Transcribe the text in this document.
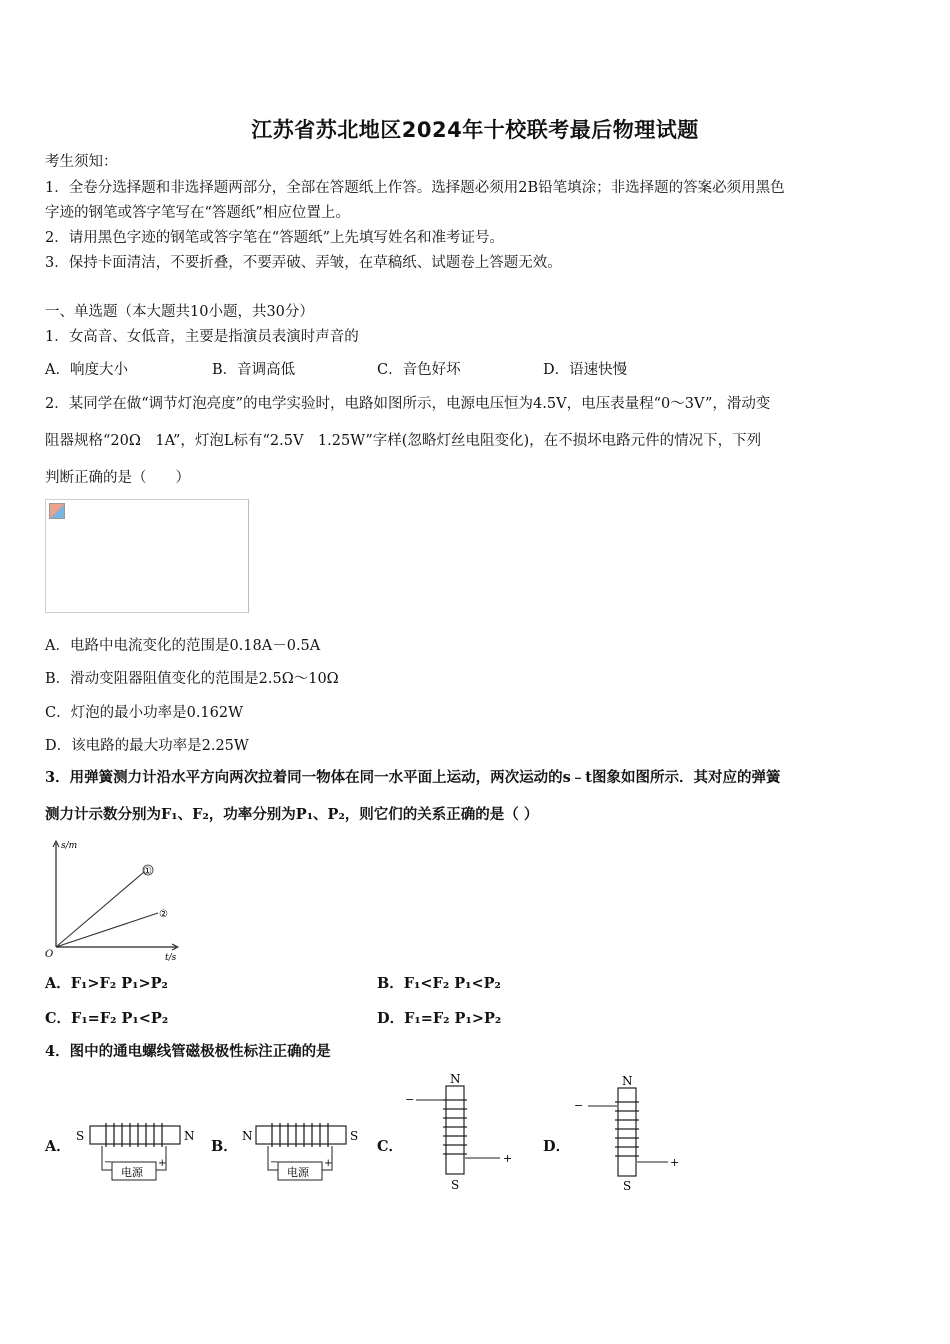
江苏省苏北地区2024年十校联考最后物理试题
考生须知：
1．全卷分选择题和非选择题两部分，全部在答题纸上作答。选择题必须用2B铅笔填涂；非选择题的答案必须用黑色
字迹的钢笔或答字笔写在“答题纸”相应位置上。
2．请用黑色字迹的钢笔或答字笔在“答题纸”上先填写姓名和准考证号。
3．保持卡面清洁，不要折叠，不要弄破、弄皱，在草稿纸、试题卷上答题无效。
一、单选题（本大题共10小题，共30分）
1．女高音、女低音，主要是指演员表演时声音的
A．响度大小	B．音调高低	C．音色好坏	D．语速快慢
2．某同学在做“调节灯泡亮度”的电学实验时，电路如图所示，电源电压恒为4.5V，电压表量程“0～3V”，滑动变
阻器规格“20Ω　1A”，灯泡L标有“2.5V　1.25W”字样(忽略灯丝电阻变化)，在不损坏电路元件的情况下，下列
判断正确的是（　　）
A．电路中电流变化的范围是0.18A－0.5A
B．滑动变阻器阻值变化的范围是2.5Ω～10Ω
C．灯泡的最小功率是0.162W
D．该电路的最大功率是2.25W
3．用弹簧测力计沿水平方向两次拉着同一物体在同一水平面上运动，两次运动的s﹣t图象如图所示．其对应的弹簧
测力计示数分别为F₁、F₂，功率分别为P₁、P₂，则它们的关系正确的是（ ）
s/m
t/s
O
①
②
A．F₁>F₂ P₁>P₂	B．F₁<F₂ P₁<P₂
C．F₁=F₂ P₁<P₂	D．F₁=F₂ P₁>P₂
4．图中的通电螺线管磁极极性标注正确的是
A．
电源
−	+
S	N
B．
电源
−	+
N	S
C．
N
S
−
+
D．
N
S
−
+
